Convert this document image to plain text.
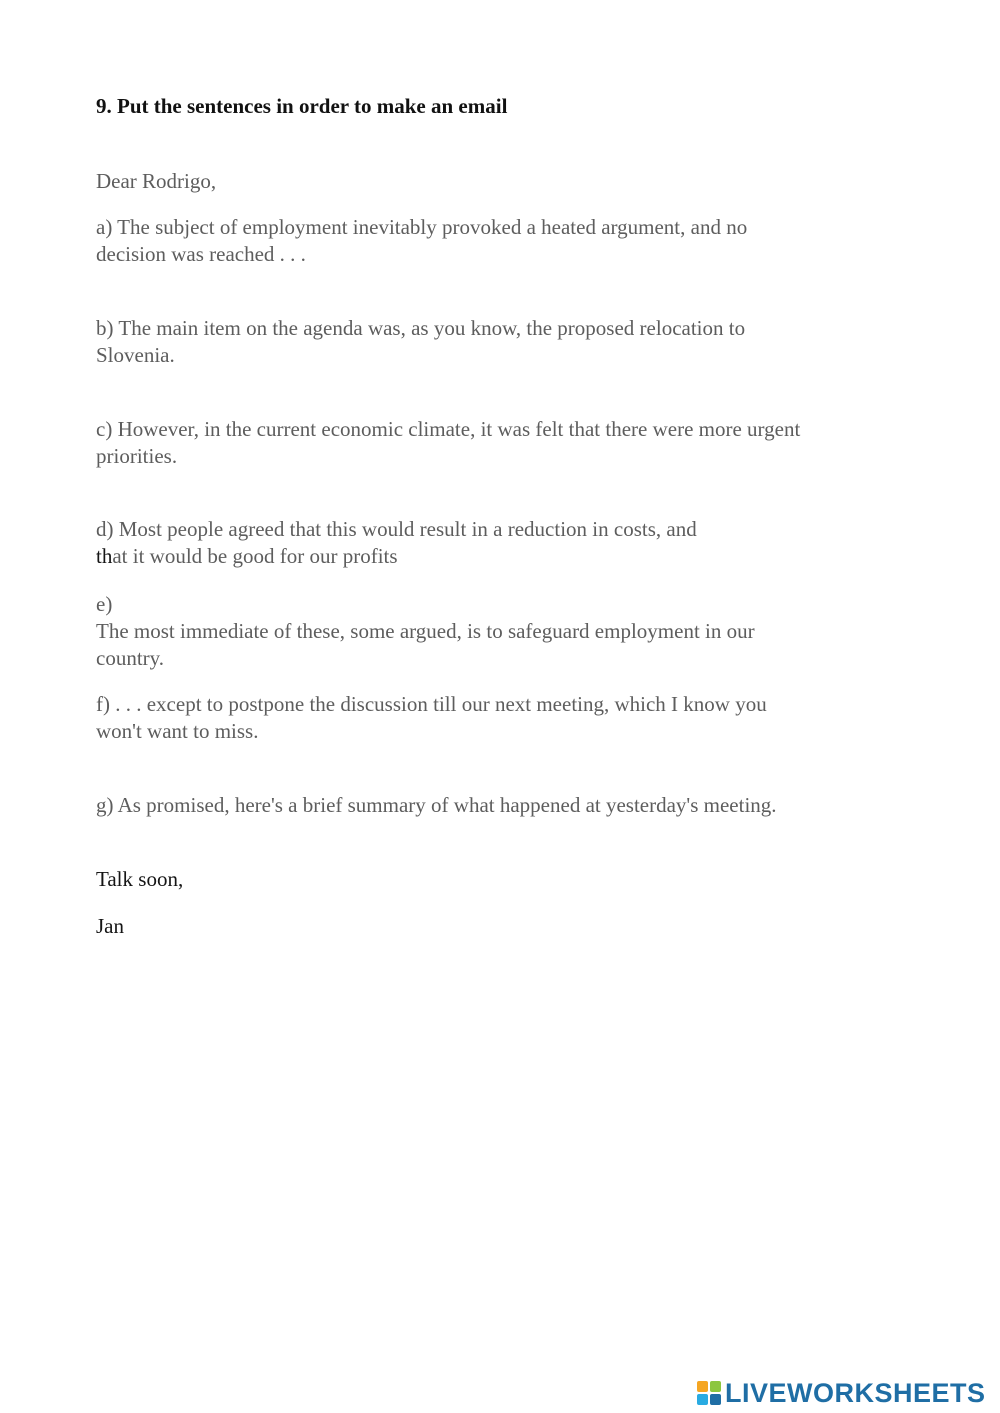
9. Put the sentences in order to make an email

Dear Rodrigo,

a) The subject of employment inevitably provoked a heated argument, and no
decision was reached . . .

b) The main item on the agenda was, as you know, the proposed relocation to
Slovenia.

c) However, in the current economic climate, it was felt that there were more urgent
priorities.

d) Most people agreed that this would result in a reduction in costs, and
that it would be good for our profits

e)
The most immediate of these, some argued, is to safeguard employment in our
country.

f) . . . except to postpone the discussion till our next meeting, which I know you
won't want to miss.

g) As promised, here's a brief summary of what happened at yesterday's meeting.

Talk soon,

Jan

LIVEWORKSHEETS
